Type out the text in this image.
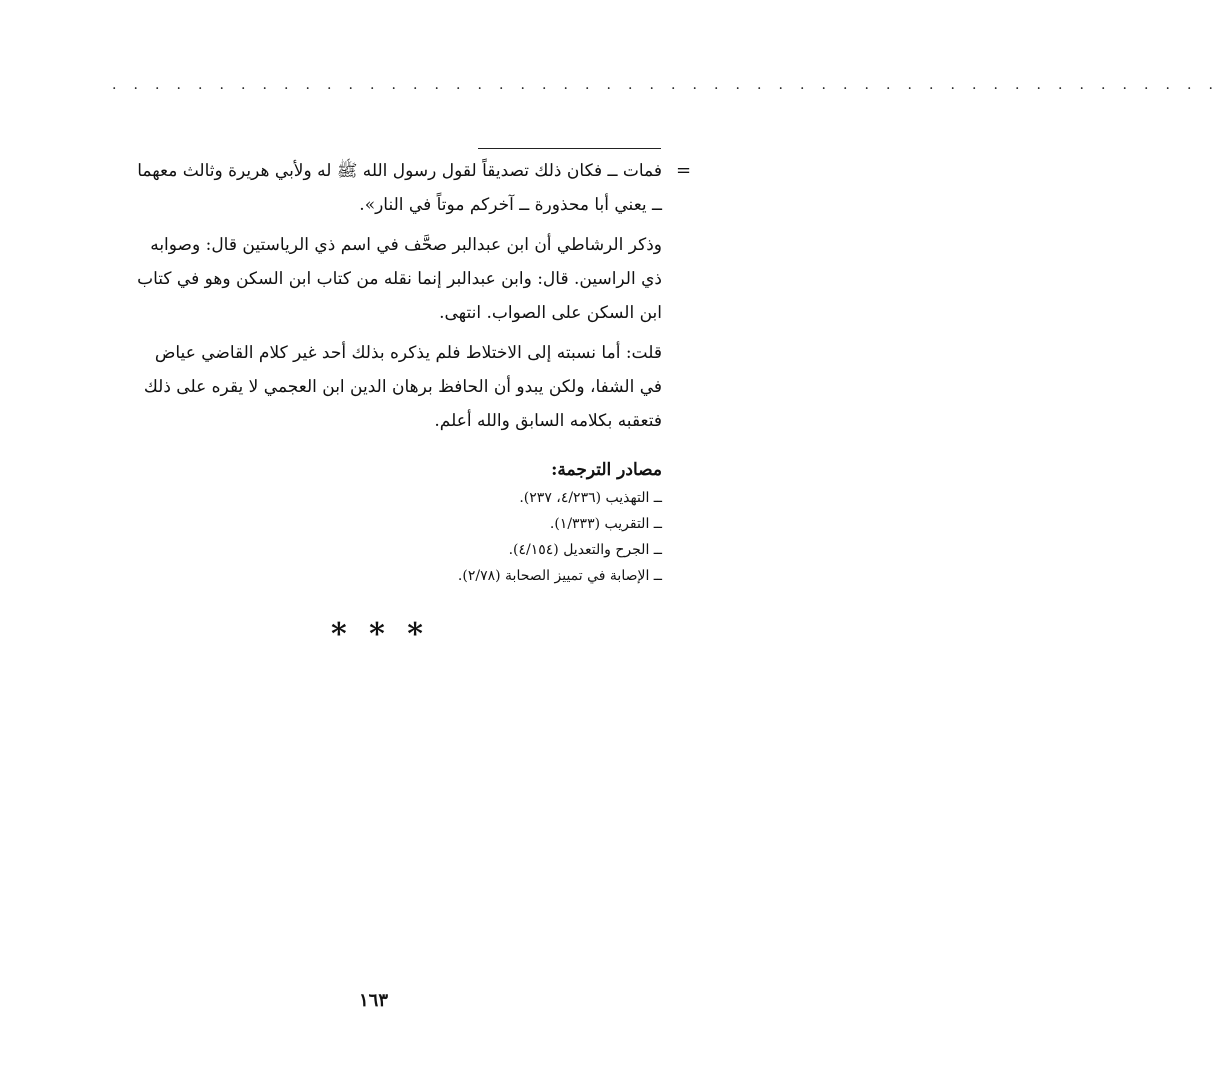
. . . . . . . . . . . . . . . . . . . . . . . . . . . . . . . . . . . . . . . . . . . . . . . . . . . .
=

فمات ــ فكان ذلك تصديقاً لقول رسول الله ﷺ له ولأبي هريرة وثالث معهما
ــ يعني أبا محذورة ــ آخركم موتاً في النار».

وذكر الرشاطي أن ابن عبدالبر صحَّف في اسم ذي الرياستين قال: وصوابه
ذي الراسين. قال: وابن عبدالبر إنما نقله من كتاب ابن السكن وهو في كتاب
ابن السكن على الصواب. انتهى.

قلت: أما نسبته إلى الاختلاط فلم يذكره بذلك أحد غير كلام القاضي عياض
في الشفا، ولكن يبدو أن الحافظ برهان الدين ابن العجمي لا يقره على ذلك
فتعقبه بكلامه السابق والله أعلم.

مصادر الترجمة:
ــ التهذيب (٤/٢٣٦، ٢٣٧).
ــ التقريب (١/٣٣٣).
ــ الجرح والتعديل (٤/١٥٤).
ــ الإصابة في تمييز الصحابة (٢/٧٨).
* * *
١٦٣
